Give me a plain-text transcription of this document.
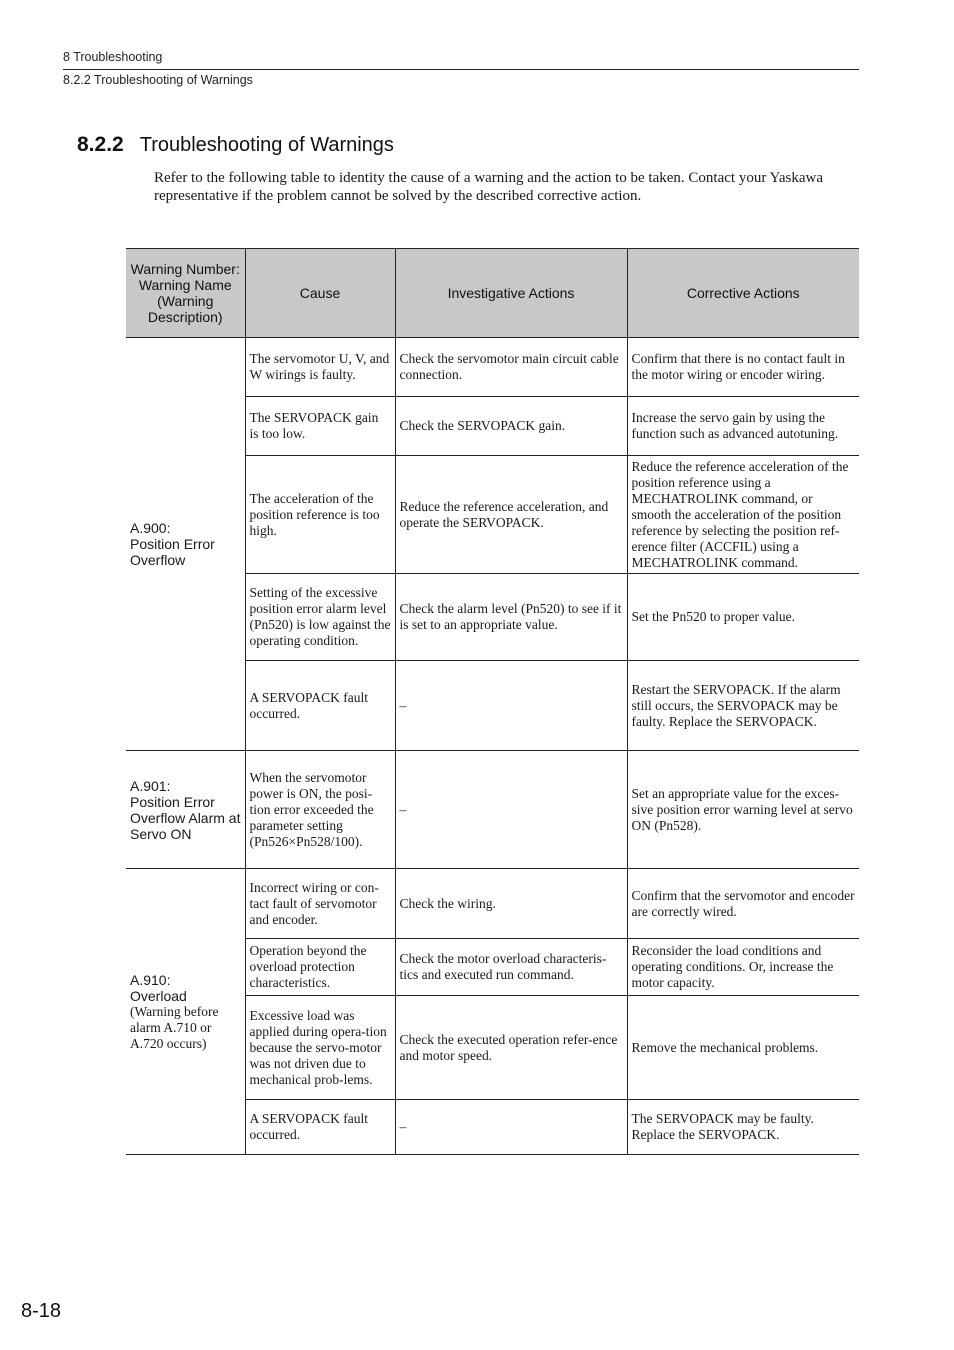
8 Troubleshooting
8.2.2 Troubleshooting of Warnings
8.2.2 Troubleshooting of Warnings
Refer to the following table to identity the cause of a warning and the action to be taken. Contact your Yaskawa representative if the problem cannot be solved by the described corrective action.
Warning Number: Warning Name (Warning Description)	Cause	Investigative Actions	Corrective Actions

A.900:
Position Error Overflow	The servomotor U, V, and W wirings is faulty.	Check the servomotor main circuit cable connection.	Confirm that there is no contact fault in the motor wiring or encoder wiring.
	The SERVOPACK gain is too low.	Check the SERVOPACK gain.	Increase the servo gain by using the function such as advanced autotuning.
	The acceleration of the position reference is too high.	Reduce the reference acceleration, and operate the SERVOPACK.	Reduce the reference acceleration of the position reference using a MECHATROLINK command, or smooth the acceleration of the position reference by selecting the position ref-erence filter (ACCFIL) using a MECHATROLINK command.
	Setting of the excessive position error alarm level (Pn520) is low against the operating condition.	Check the alarm level (Pn520) to see if it is set to an appropriate value.	Set the Pn520 to proper value.
	A SERVOPACK fault occurred.	–	Restart the SERVOPACK. If the alarm still occurs, the SERVOPACK may be faulty. Replace the SERVOPACK.

A.901:
Position Error Overflow Alarm at Servo ON	When the servomotor power is ON, the posi-tion error exceeded the parameter setting (Pn526×Pn528/100).	–	Set an appropriate value for the exces-sive position error warning level at servo ON (Pn528).

A.910:
Overload
(Warning before alarm A.710 or A.720 occurs)	Incorrect wiring or con-tact fault of servomotor and encoder.	Check the wiring.	Confirm that the servomotor and encoder are correctly wired.
	Operation beyond the overload protection characteristics.	Check the motor overload characteris-tics and executed run command.	Reconsider the load conditions and operating conditions. Or, increase the motor capacity.
	Excessive load was applied during opera-tion because the servo-motor was not driven due to mechanical prob-lems.	Check the executed operation refer-ence and motor speed.	Remove the mechanical problems.
	A SERVOPACK fault occurred.	–	The SERVOPACK may be faulty. Replace the SERVOPACK.
8-18
